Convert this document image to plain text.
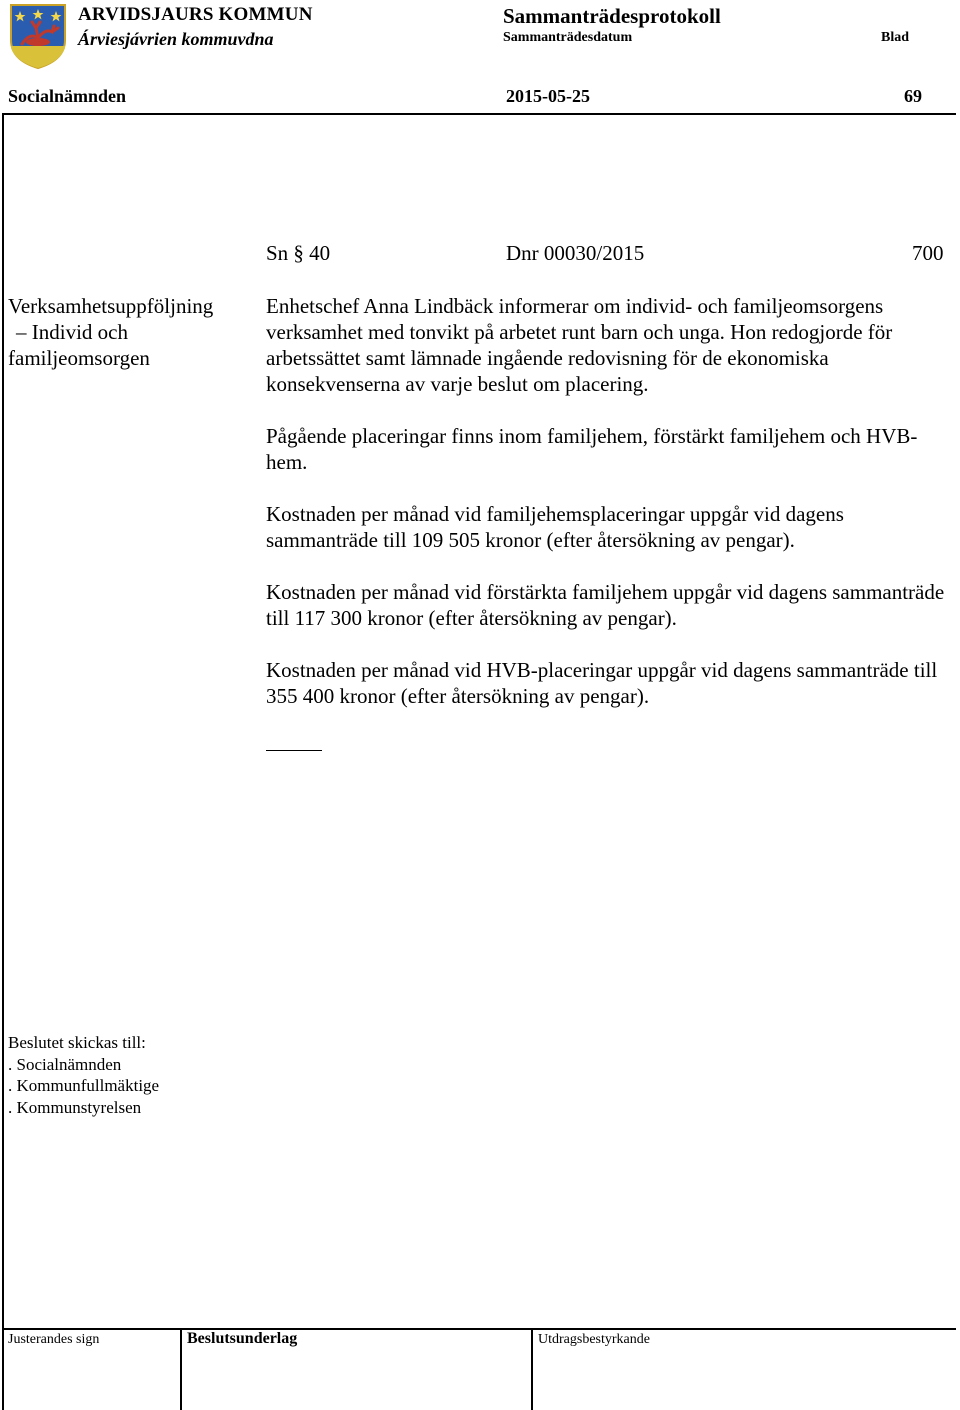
ARVIDSJAURS KOMMUN
Árviesjávrien kommuvdna
Sammanträdesprotokoll
Sammanträdesdatum	Blad
Socialnämnden	2015-05-25	69
Sn § 40	Dnr 00030/2015	700
Verksamhetsuppföljning
– Individ och
familjeomsorgen

Enhetschef Anna Lindbäck informerar om individ- och familjeomsorgens verksamhet med tonvikt på arbetet runt barn och unga. Hon redogjorde för arbetssättet samt lämnade ingående redovisning för de ekonomiska konsekvenserna av varje beslut om placering.

Pågående placeringar finns inom familjehem, förstärkt familjehem och HVB-hem.

Kostnaden per månad vid familjehemsplaceringar uppgår vid dagens sammanträde till 109 505 kronor (efter återsökning av pengar).

Kostnaden per månad vid förstärkta familjehem uppgår vid dagens sammanträde till 117 300 kronor (efter återsökning av pengar).

Kostnaden per månad vid HVB-placeringar uppgår vid dagens sammanträde till 355 400 kronor (efter återsökning av pengar).

Beslutet skickas till:
. Socialnämnden
. Kommunfullmäktige
. Kommunstyrelsen
Justerandes sign	Beslutsunderlag	Utdragsbestyrkande
